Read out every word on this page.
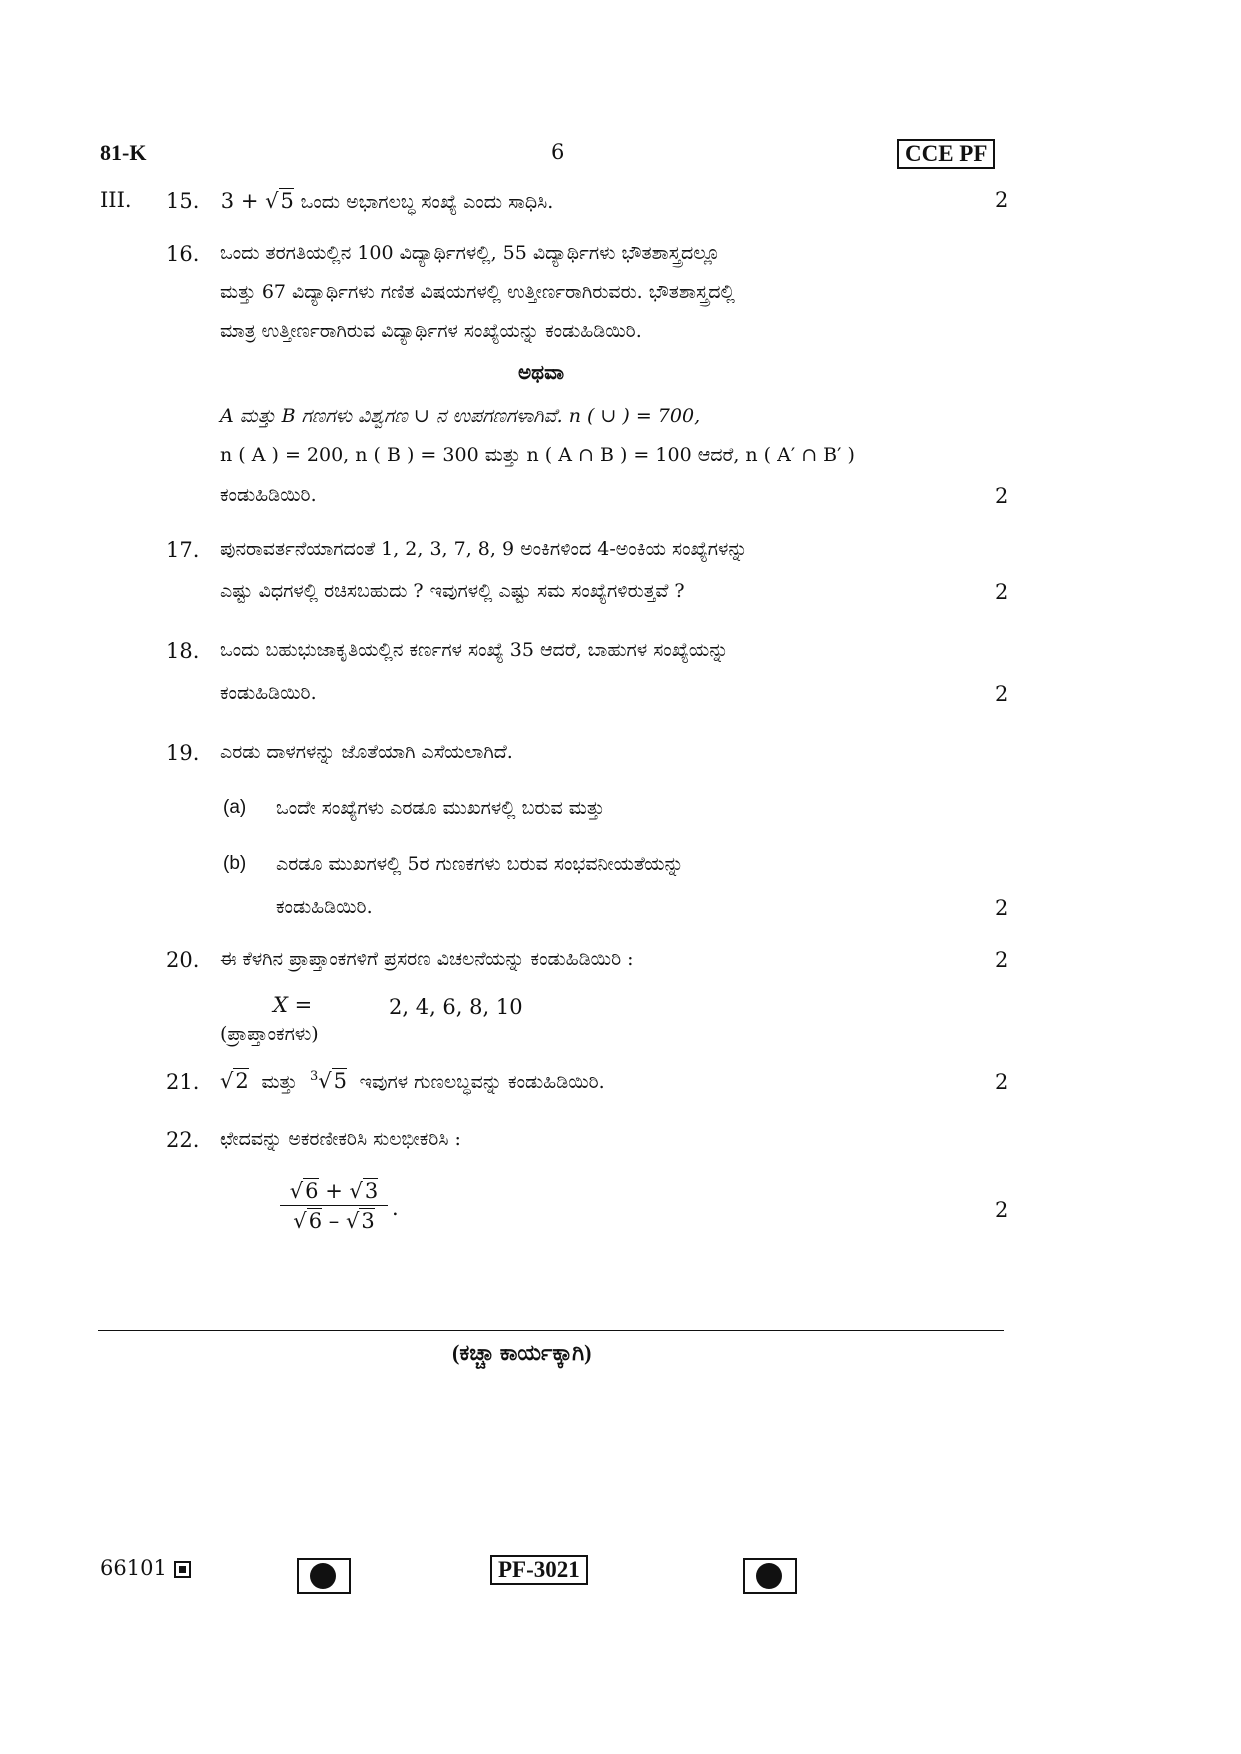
81-K	6	CCE PF
III. 15. 3 + √5 ಒಂದು ಅಭಾಗಲಬ್ಧ ಸಂಖ್ಯೆ ಎಂದು ಸಾಧಿಸಿ.	2
16. ಒಂದು ತರಗತಿಯಲ್ಲಿನ 100 ವಿದ್ಯಾರ್ಥಿಗಳಲ್ಲಿ, 55 ವಿದ್ಯಾರ್ಥಿಗಳು ಭೌತಶಾಸ್ತ್ರದಲ್ಲೂ
ಮತ್ತು 67 ವಿದ್ಯಾರ್ಥಿಗಳು ಗಣಿತ ವಿಷಯಗಳಲ್ಲಿ ಉತ್ತೀರ್ಣರಾಗಿರುವರು. ಭೌತಶಾಸ್ತ್ರದಲ್ಲಿ
ಮಾತ್ರ ಉತ್ತೀರ್ಣರಾಗಿರುವ ವಿದ್ಯಾರ್ಥಿಗಳ ಸಂಖ್ಯೆಯನ್ನು ಕಂಡುಹಿಡಿಯಿರಿ.
ಅಥವಾ
A ಮತ್ತು B ಗಣಗಳು ವಿಶ್ವಗಣ ∪ ನ ಉಪಗಣಗಳಾಗಿವೆ. n ( ∪ ) = 700,
n ( A ) = 200, n ( B ) = 300 ಮತ್ತು n ( A ∩ B ) = 100 ಆದರೆ, n ( A′ ∩ B′ )
ಕಂಡುಹಿಡಿಯಿರಿ.	2
17. ಪುನರಾವರ್ತನೆಯಾಗದಂತೆ 1, 2, 3, 7, 8, 9 ಅಂಕಿಗಳಿಂದ 4-ಅಂಕಿಯ ಸಂಖ್ಯೆಗಳನ್ನು
ಎಷ್ಟು ವಿಧಗಳಲ್ಲಿ ರಚಿಸಬಹುದು ? ಇವುಗಳಲ್ಲಿ ಎಷ್ಟು ಸಮ ಸಂಖ್ಯೆಗಳಿರುತ್ತವೆ ?	2
18. ಒಂದು ಬಹುಭುಜಾಕೃತಿಯಲ್ಲಿನ ಕರ್ಣಗಳ ಸಂಖ್ಯೆ 35 ಆದರೆ, ಬಾಹುಗಳ ಸಂಖ್ಯೆಯನ್ನು
ಕಂಡುಹಿಡಿಯಿರಿ.	2
19. ಎರಡು ದಾಳಗಳನ್ನು ಜೊತೆಯಾಗಿ ಎಸೆಯಲಾಗಿದೆ.
(a) ಒಂದೇ ಸಂಖ್ಯೆಗಳು ಎರಡೂ ಮುಖಗಳಲ್ಲಿ ಬರುವ ಮತ್ತು
(b) ಎರಡೂ ಮುಖಗಳಲ್ಲಿ 5ರ ಗುಣಕಗಳು ಬರುವ ಸಂಭವನೀಯತೆಯನ್ನು
ಕಂಡುಹಿಡಿಯಿರಿ.	2
20. ಈ ಕೆಳಗಿನ ಪ್ರಾಪ್ತಾಂಕಗಳಿಗೆ ಪ್ರಸರಣ ವಿಚಲನೆಯನ್ನು ಕಂಡುಹಿಡಿಯಿರಿ :	2
X =	2, 4, 6, 8, 10
(ಪ್ರಾಪ್ತಾಂಕಗಳು)
21. √2 ಮತ್ತು $^3$√5 ಇವುಗಳ ಗುಣಲಬ್ಧವನ್ನು ಕಂಡುಹಿಡಿಯಿರಿ.	2
22. ಛೇದವನ್ನು ಅಕರಣೀಕರಿಸಿ ಸುಲಭೀಕರಿಸಿ :
√6 + √3
√6 – √3
.	2
(ಕಚ್ಚಾ ಕಾರ್ಯಕ್ಕಾಗಿ)
66101	PF-3021
